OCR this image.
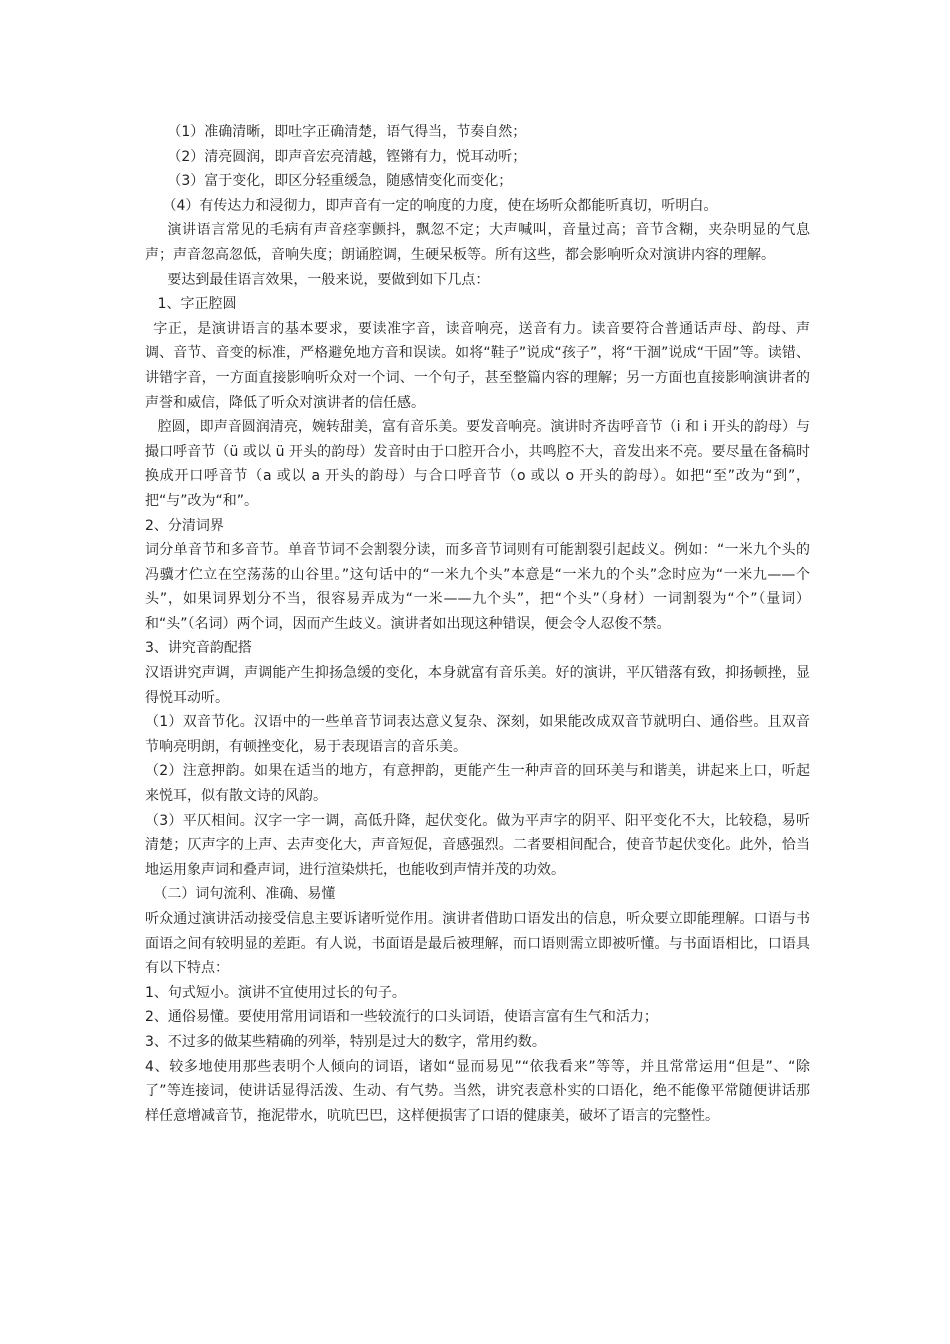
（1）准确清晰，即吐字正确清楚，语气得当，节奏自然；

（2）清亮圆润，即声音宏亮清越，铿锵有力，悦耳动听；

（3）富于变化，即区分轻重缓急，随感情变化而变化；

（4）有传达力和浸彻力，即声音有一定的响度的力度，使在场听众都能听真切，听明白。

演讲语言常见的毛病有声音痉挛颤抖，飘忽不定；大声喊叫，音量过高；音节含糊，夹杂明显的气息声；声音忽高忽低，音响失度；朗诵腔调，生硬呆板等。所有这些，都会影响听众对演讲内容的理解。

要达到最佳语言效果，一般来说，要做到如下几点：

1、字正腔圆

字正，是演讲语言的基本要求，要读准字音，读音响亮，送音有力。读音要符合普通话声母、韵母、声调、音节、音变的标准，严格避免地方音和误读。如将“鞋子”说成“孩子”，将“干涸”说成“干固”等。读错、讲错字音，一方面直接影响听众对一个词、一个句子，甚至整篇内容的理解；另一方面也直接影响演讲者的声誉和威信，降低了听众对演讲者的信任感。

腔圆，即声音圆润清亮，婉转甜美，富有音乐美。要发音响亮。演讲时齐齿呼音节（i 和 i 开头的韵母）与撮口呼音节（ü 或以 ü 开头的韵母）发音时由于口腔开合小，共鸣腔不大，音发出来不亮。要尽量在备稿时换成开口呼音节（a 或以 a 开头的韵母）与合口呼音节（o 或以 o 开头的韵母）。如把“至”改为“到”，把“与”改为“和”。

2、分清词界

词分单音节和多音节。单音节词不会割裂分读，而多音节词则有可能割裂引起歧义。例如：“一米九个头的冯骥才伫立在空荡荡的山谷里。”这句话中的“一米九个头”本意是“一米九的个头”念时应为“一米九——个头”，如果词界划分不当，很容易弄成为“一米——九个头”，把“个头”（身材）一词割裂为“个”（量词）和“头”（名词）两个词，因而产生歧义。演讲者如出现这种错误，便会令人忍俊不禁。

3、讲究音韵配搭

汉语讲究声调，声调能产生抑扬急缓的变化，本身就富有音乐美。好的演讲，平仄错落有致，抑扬顿挫，显得悦耳动听。

（1）双音节化。汉语中的一些单音节词表达意义复杂、深刻，如果能改成双音节就明白、通俗些。且双音节响亮明朗，有顿挫变化，易于表现语言的音乐美。

（2）注意押韵。如果在适当的地方，有意押韵，更能产生一种声音的回环美与和谐美，讲起来上口，听起来悦耳，似有散文诗的风韵。

（3）平仄相间。汉字一字一调，高低升降，起伏变化。做为平声字的阴平、阳平变化不大，比较稳，易听清楚；仄声字的上声、去声变化大，声音短促，音感强烈。二者要相间配合，使音节起伏变化。此外，恰当地运用象声词和叠声词，进行渲染烘托，也能收到声情并茂的功效。

（二）词句流利、准确、易懂

听众通过演讲活动接受信息主要诉诸听觉作用。演讲者借助口语发出的信息，听众要立即能理解。口语与书面语之间有较明显的差距。有人说，书面语是最后被理解，而口语则需立即被听懂。与书面语相比，口语具有以下特点：

1、句式短小。演讲不宜使用过长的句子。

2、通俗易懂。要使用常用词语和一些较流行的口头词语，使语言富有生气和活力；

3、不过多的做某些精确的列举，特别是过大的数字，常用约数。

4、较多地使用那些表明个人倾向的词语，诸如“显而易见”“依我看来”等等，并且常常运用“但是”、“除了”等连接词，使讲话显得活泼、生动、有气势。当然，讲究表意朴实的口语化，绝不能像平常随便讲话那样任意增减音节，拖泥带水，吭吭巴巴，这样便损害了口语的健康美，破坏了语言的完整性。
